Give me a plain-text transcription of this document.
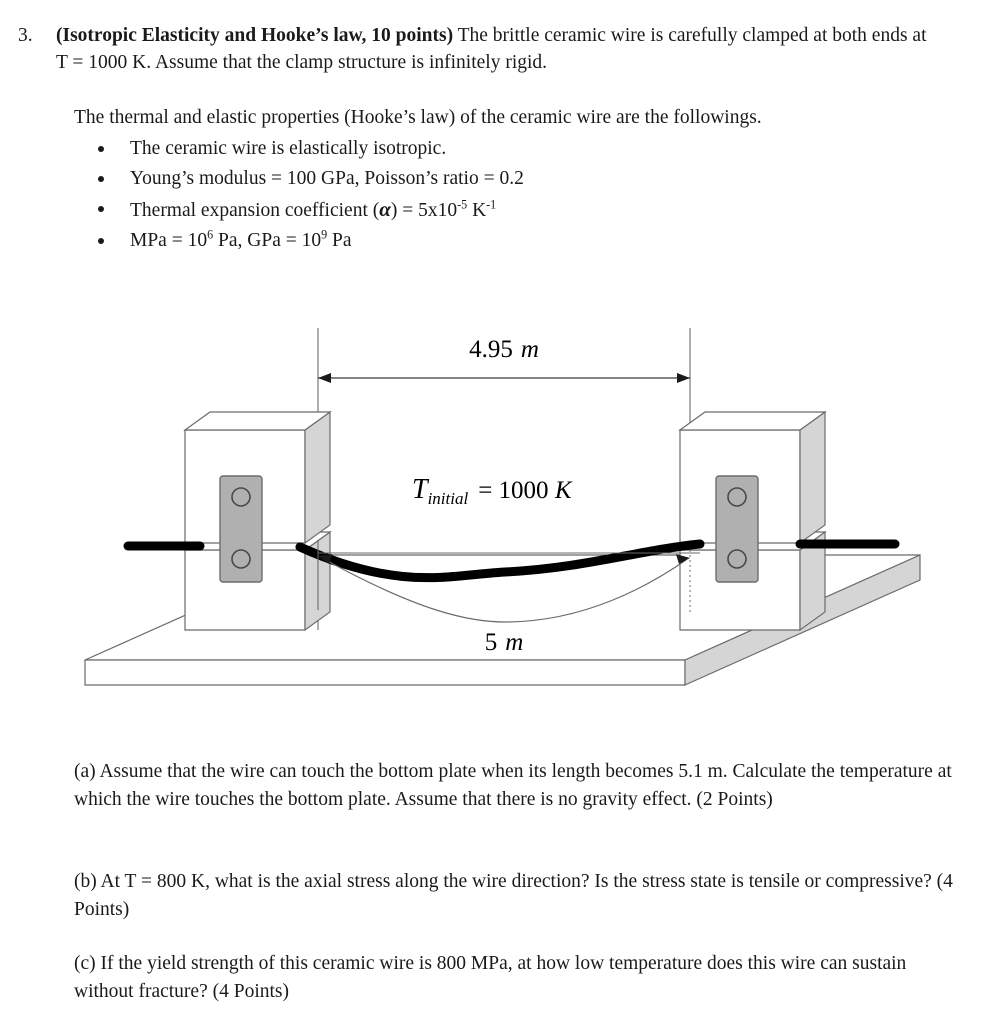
3.	(Isotropic Elasticity and Hooke’s law, 10 points) The brittle ceramic wire is carefully clamped at both ends at T = 1000 K. Assume that the clamp structure is infinitely rigid.

The thermal and elastic properties (Hooke’s law) of the ceramic wire are the followings.

The ceramic wire is elastically isotropic.
Young’s modulus = 100 GPa, Poisson’s ratio = 0.2
Thermal expansion coefficient $(\alpha) = 5x10^{-5}$ $K^{-1}$
MPa = $10^6$ Pa, GPa = $10^9$ Pa
4.95 m
5 m
$T_{initial} = 1000$ K

(a) Assume that the wire can touch the bottom plate when its length becomes 5.1 m. Calculate the temperature at which the wire touches the bottom plate. Assume that there is no gravity effect. (2 Points)

(b) At T = 800 K, what is the axial stress along the wire direction? Is the stress state is tensile or compressive? (4 Points)

(c) If the yield strength of this ceramic wire is 800 MPa, at how low temperature does this wire can sustain without fracture? (4 Points)
